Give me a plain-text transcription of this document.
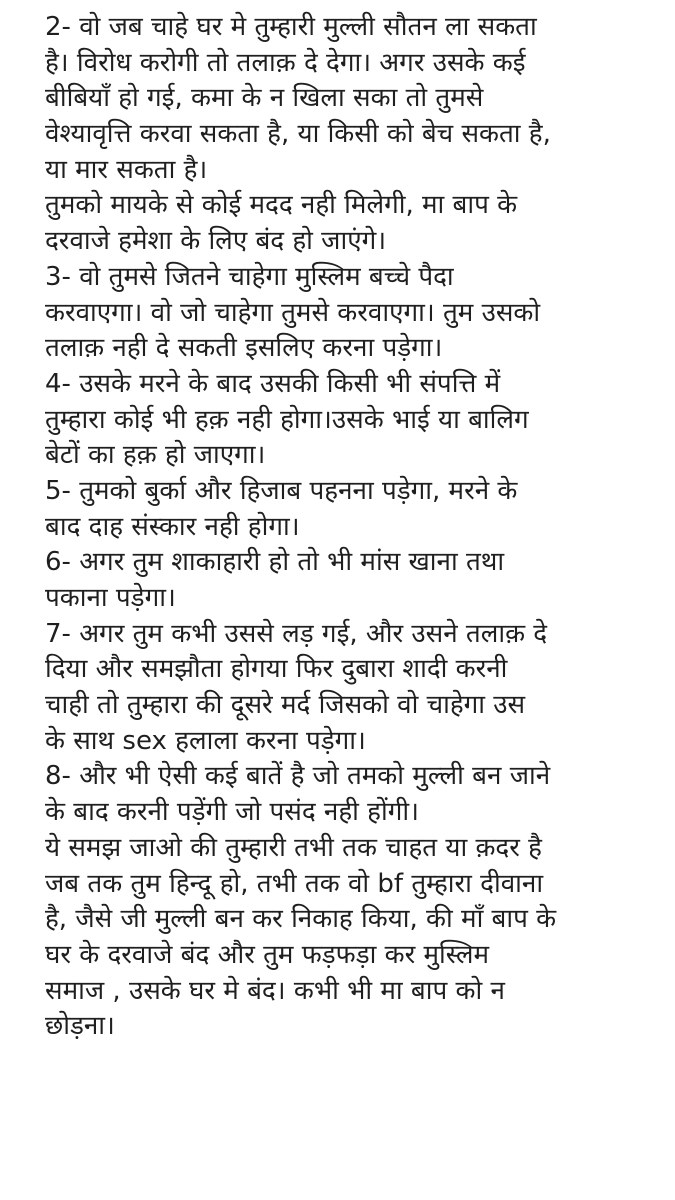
2- वो जब चाहे घर मे तुम्हारी मुल्ली सौतन ला सकता
है। विरोध करोगी तो तलाक़ दे देगा। अगर उसके कई
बीबियाँ हो गई, कमा के न खिला सका तो तुमसे
वेश्यावृत्ति करवा सकता है, या किसी को बेच सकता है,
या मार सकता है।
तुमको मायके से कोई मदद नही मिलेगी, मा बाप के
दरवाजे हमेशा के लिए बंद हो जाएंगे।
3- वो तुमसे जितने चाहेगा मुस्लिम बच्चे पैदा
करवाएगा। वो जो चाहेगा तुमसे करवाएगा। तुम उसको
तलाक़ नही दे सकती इसलिए करना पड़ेगा।
4- उसके मरने के बाद उसकी किसी भी संपत्ति में
तुम्हारा कोई भी हक़ नही होगा।उसके भाई या बालिग
बेटों का हक़ हो जाएगा।
5- तुमको बुर्का और हिजाब पहनना पड़ेगा, मरने के
बाद दाह संस्कार नही होगा।
6- अगर तुम शाकाहारी हो तो भी मांस खाना तथा
पकाना पड़ेगा।
7- अगर तुम कभी उससे लड़ गई, और उसने तलाक़ दे
दिया और समझौता होगया फिर दुबारा शादी करनी
चाही तो तुम्हारा की दूसरे मर्द जिसको वो चाहेगा उस
के साथ sex हलाला करना पड़ेगा।
8- और भी ऐसी कई बातें है जो तमको मुल्ली बन जाने
के बाद करनी पड़ेंगी जो पसंद नही होंगी।
ये समझ जाओ की तुम्हारी तभी तक चाहत या क़दर है
जब तक तुम हिन्दू हो, तभी तक वो bf तुम्हारा दीवाना
है, जैसे जी मुल्ली बन कर निकाह किया, की माँ बाप के
घर के दरवाजे बंद और तुम फड़फड़ा कर मुस्लिम
समाज , उसके घर मे बंद। कभी भी मा बाप को न
छोड़ना।
